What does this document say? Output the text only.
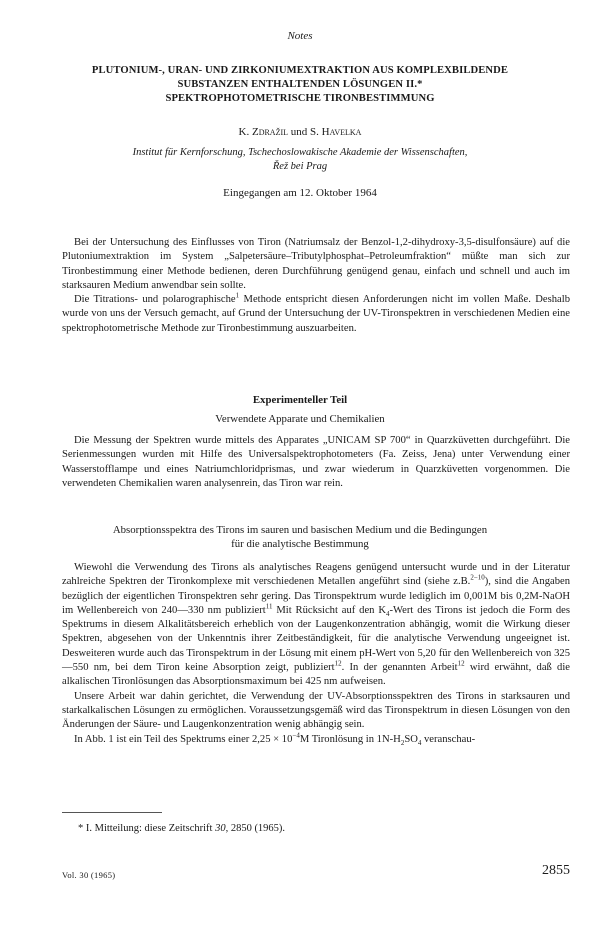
Notes
PLUTONIUM-, URAN- UND ZIRKONIUMEXTRAKTION AUS KOMPLEXBILDENDE
SUBSTANZEN ENTHALTENDEN LÖSUNGEN II.*
SPEKTROPHOTOMETRISCHE TIRONBESTIMMUNG
K. Zdražil und S. Havelka
Institut für Kernforschung, Tschechoslowakische Akademie der Wissenschaften,
Řež bei Prag
Eingegangen am 12. Oktober 1964

Bei der Untersuchung des Einflusses von Tiron (Natriumsalz der Benzol-1,2-dihydroxy-3,5-disulfonsäure) auf die Plutoniumextraktion im System „Salpetersäure–Tributylphosphat–Petroleumfraktion“ müßte man sich zur Tironbestimmung einer Methode bedienen, deren Durchführung genügend genau, einfach und schnell und auch im starksauren Medium anwendbar sein sollte.

Die Titrations- und polarographische$^1$ Methode entspricht diesen Anforderungen nicht im vollen Maße. Deshalb wurde von uns der Versuch gemacht, auf Grund der Untersuchung der UV-Tironspektren in verschiedenen Medien eine spektrophotometrische Methode zur Tironbestimmung auszuarbeiten.

Experimenteller Teil
Verwendete Apparate und Chemikalien

Die Messung der Spektren wurde mittels des Apparates „UNICAM SP 700“ in Quarzküvetten durchgeführt. Die Serienmessungen wurden mit Hilfe des Universalspektrophotometers (Fa. Zeiss, Jena) unter Verwendung einer Wasserstofflampe und eines Natriumchloridprismas, und zwar wiederum in Quarzküvetten vorgenommen. Die verwendeten Chemikalien waren analysenrein, das Tiron war rein.

Absorptionsspektra des Tirons im sauren und basischen Medium und die Bedingungen
für die analytische Bestimmung

Wiewohl die Verwendung des Tirons als analytisches Reagens genügend untersucht wurde und in der Literatur zahlreiche Spektren der Tironkomplexe mit verschiedenen Metallen angeführt sind (siehe z.B.$^{2-10}$), sind die Angaben bezüglich der eigentlichen Tironspektren sehr gering. Das Tironspektrum wurde lediglich im 0,001M bis 0,2M-NaOH im Wellenbereich von 240—330 nm publiziert$^{11}$ Mit Rücksicht auf den $K_4$-Wert des Tirons ist jedoch die Form des Spektrums in diesem Alkalitätsbereich erheblich von der Laugenkonzentration abhängig, womit die Wirkung dieser Spektren, abgesehen von der Unkenntnis ihrer Zeitbeständigkeit, für die analytische Verwendung ungeeignet ist. Desweiteren wurde auch das Tironspektrum in der Lösung mit einem pH-Wert von 5,20 für den Wellenbereich von 325—550 nm, bei dem Tiron keine Absorption zeigt, publiziert$^{12}$. In der genannten Arbeit$^{12}$ wird erwähnt, daß die alkalischen Tironlösungen das Absorptionsmaximum bei 425 nm aufweisen.

Unsere Arbeit war dahin gerichtet, die Verwendung der UV-Absorptionsspektren des Tirons in starksauren und starkalkalischen Lösungen zu ermöglichen. Voraussetzungsgemäß wird das Tironspektrum in diesen Lösungen von den Änderungen der Säure- und Laugenkonzentration wenig abhängig sein.

In Abb. 1 ist ein Teil des Spektrums einer $2,25 \times 10^{-4}M$ Tironlösung in $1N-H_2SO_4$ veranschau-

* I. Mitteilung: diese Zeitschrift 30, 2850 (1965).
Vol. 30 (1965)	2855
